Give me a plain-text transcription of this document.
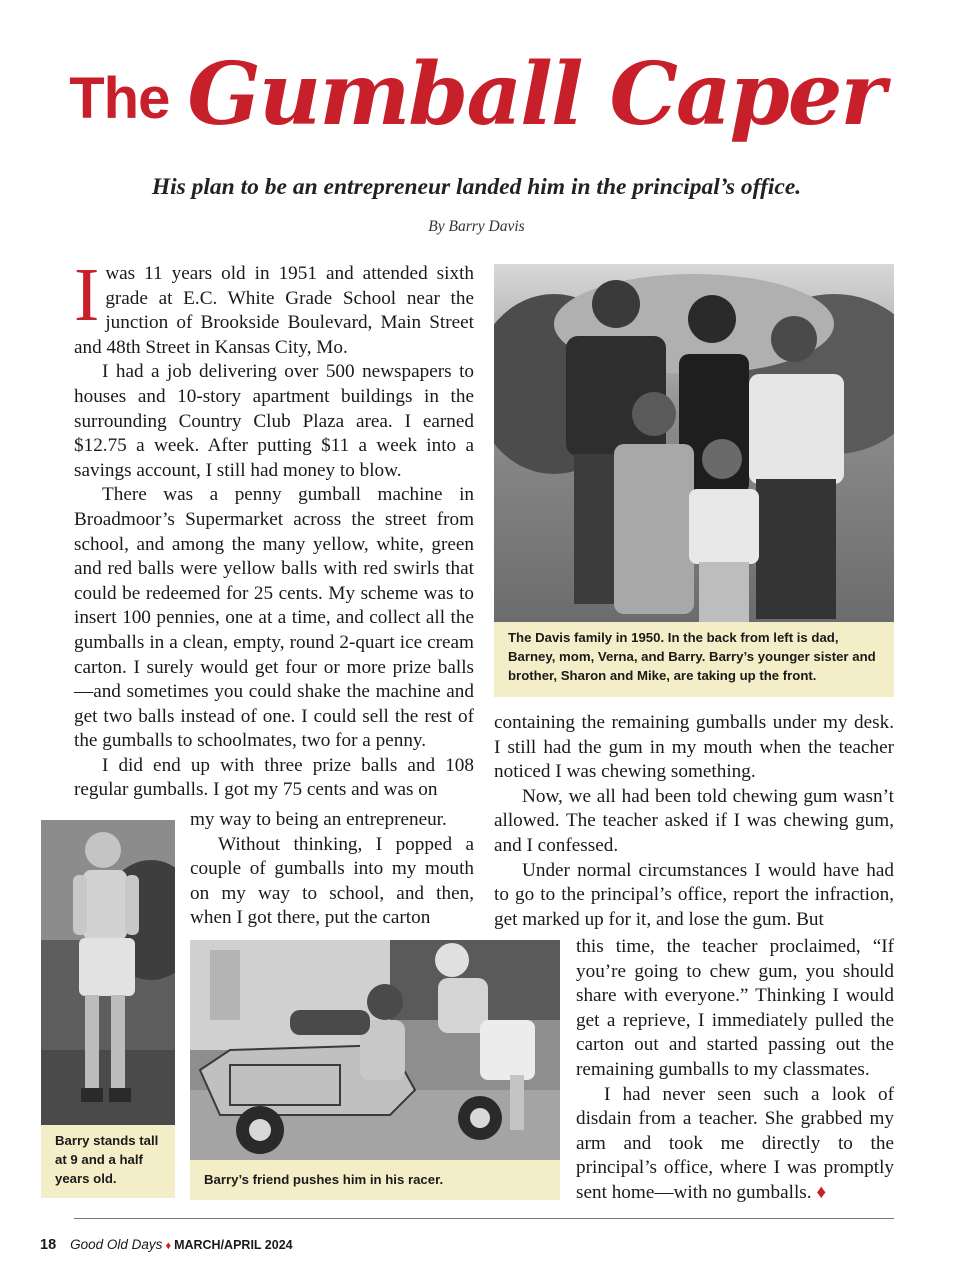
The Gumball Caper
His plan to be an entrepreneur landed him in the principal’s office.
By Barry Davis

Iwas 11 years old in 1951 and attended sixth grade at E.C. White Grade School near the junction of Brookside Boulevard, Main Street and 48th Street in Kansas City, Mo.

I had a job delivering over 500 newspapers to houses and 10-story apartment buildings in the surrounding Country Club Plaza area. I earned $12.75 a week. After putting $11 a week into a savings account, I still had money to blow.

There was a penny gumball machine in Broadmoor’s Supermarket across the street from school, and among the many yellow, white, green and red balls were yellow balls with red swirls that could be redeemed for 25 cents. My scheme was to insert 100 pennies, one at a time, and collect all the gumballs in a clean, empty, round 2-quart ice cream carton. I surely would get four or more prize balls—and sometimes you could shake the machine and get two balls instead of one. I could sell the rest of the gumballs to schoolmates, two for a penny.

I did end up with three prize balls and 108 regular gumballs. I got my 75 cents and was on

my way to being an entrepreneur.

Without thinking, I popped a couple of gumballs into my mouth on my way to school, and then, when I got there, put the carton

containing the remaining gumballs under my desk. I still had the gum in my mouth when the teacher noticed I was chewing something.

Now, we all had been told chewing gum wasn’t allowed. The teacher asked if I was chewing gum, and I confessed.

Under normal circumstances I would have had to go to the principal’s office, report the infraction, get marked up for it, and lose the gum. But

this time, the teacher proclaimed, “If you’re going to chew gum, you should share with everyone.” Thinking I would get a reprieve, I immediately pulled the carton out and started passing out the remaining gumballs to my classmates.

I had never seen such a look of disdain from a teacher. She grabbed my arm and took me directly to the principal’s office, where I was promptly sent home—with no gumballs. ♦

The Davis family in 1950. In the back from left is dad, Barney, mom, Verna, and Barry. Barry’s younger sister and brother, Sharon and Mike, are taking up the front.
Barry stands tall at 9 and a half years old.	Barry’s friend pushes him in his racer.
18 Good Old Days ♦ MARCH/APRIL 2024
